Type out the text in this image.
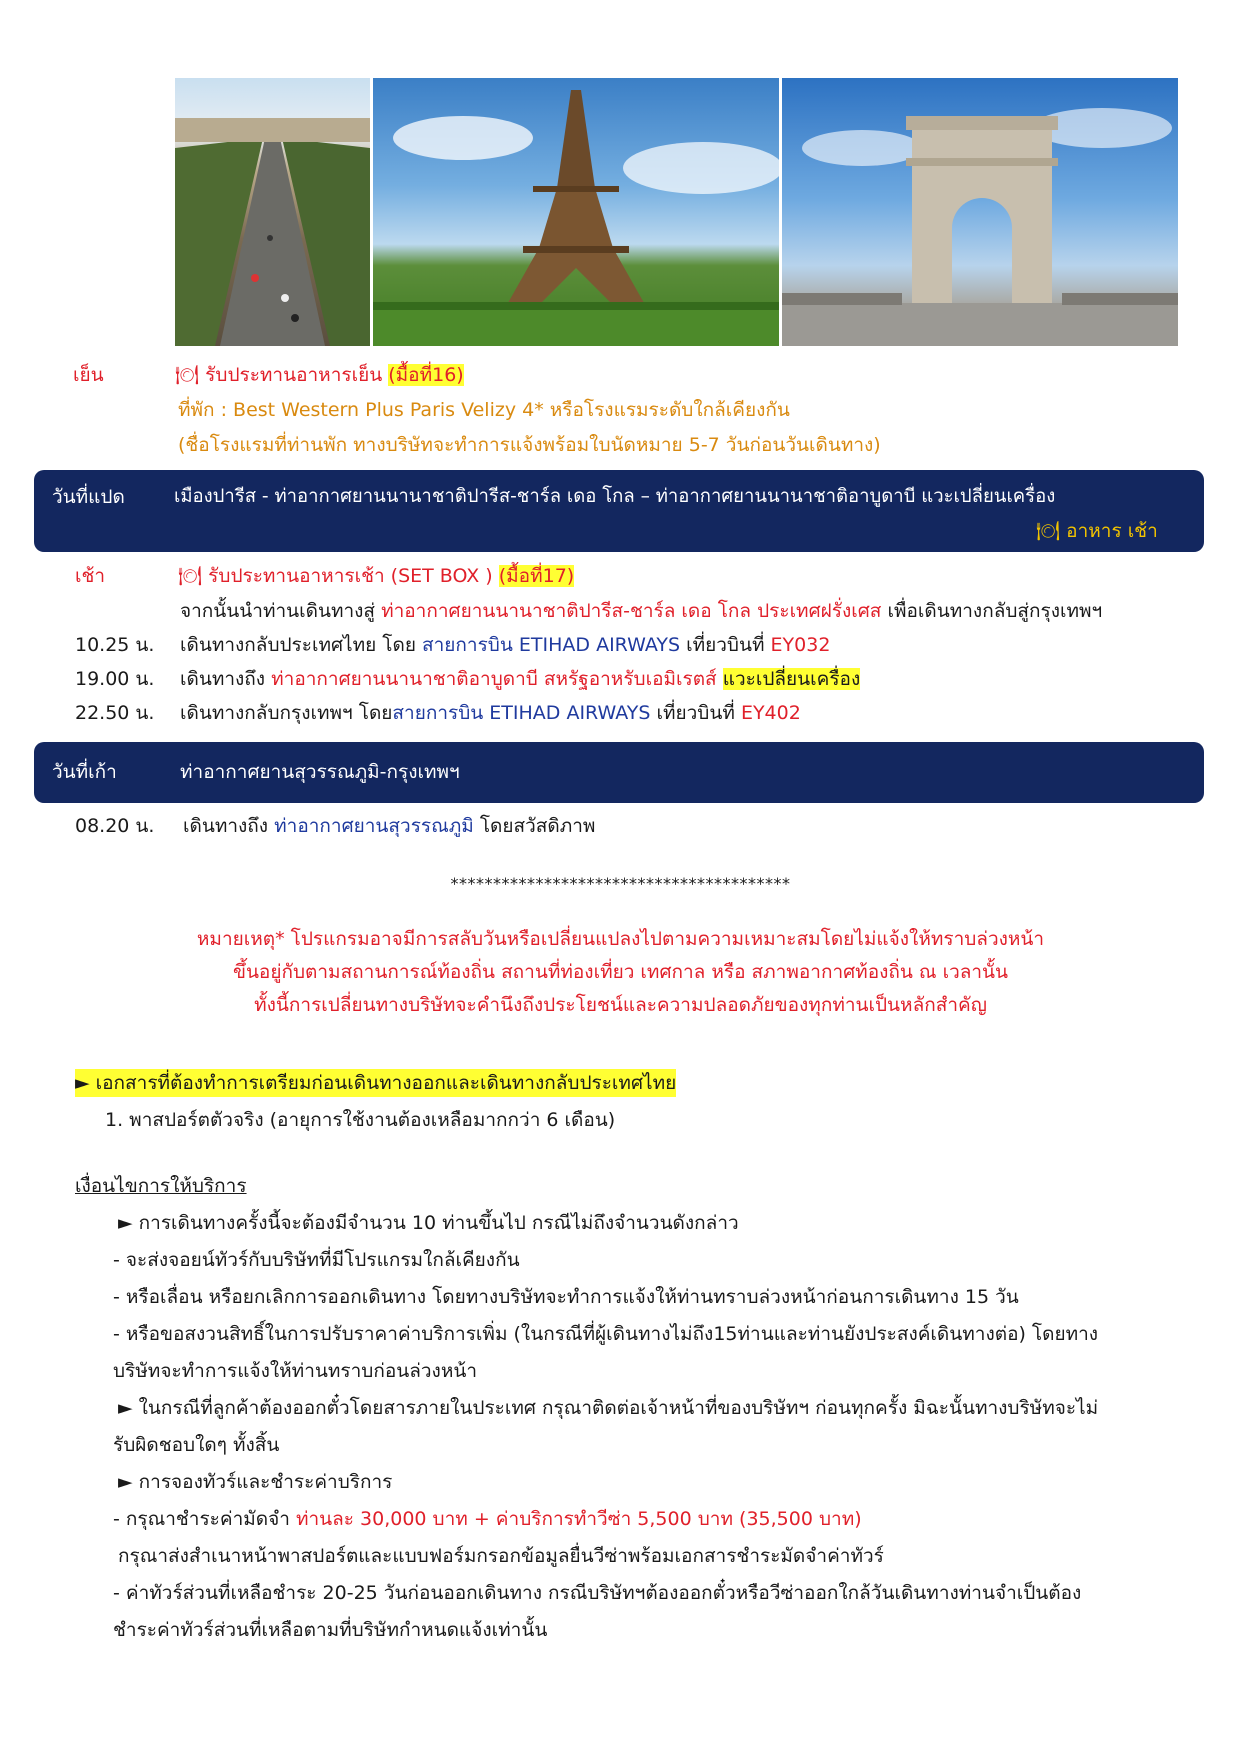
เย็น	🍽 รับประทานอาหารเย็น (มื้อที่16)
ที่พัก : Best Western Plus Paris Velizy 4* หรือโรงแรมระดับใกล้เคียงกัน
(ชื่อโรงแรมที่ท่านพัก ทางบริษัทจะทำการแจ้งพร้อมใบนัดหมาย 5-7 วันก่อนวันเดินทาง)
วันที่แปด	เมืองปารีส - ท่าอากาศยานนานาชาติปารีส-ชาร์ล เดอ โกล – ท่าอากาศยานนานาชาติอาบูดาบี แวะเปลี่ยนเครื่อง
🍽 อาหาร เช้า
เช้า	🍽 รับประทานอาหารเช้า (SET BOX ) (มื้อที่17)
จากนั้นนำท่านเดินทางสู่ ท่าอากาศยานนานาชาติปารีส-ชาร์ล เดอ โกล ประเทศฝรั่งเศส เพื่อเดินทางกลับสู่กรุงเทพฯ
10.25 น. เดินทางกลับประเทศไทย โดย สายการบิน ETIHAD AIRWAYS เที่ยวบินที่ EY032
19.00 น. เดินทางถึง ท่าอากาศยานนานาชาติอาบูดาบี สหรัฐอาหรับเอมิเรตส์ แวะเปลี่ยนเครื่อง
22.50 น. เดินทางกลับกรุงเทพฯ โดยสายการบิน ETIHAD AIRWAYS เที่ยวบินที่ EY402
วันที่เก้า	ท่าอากาศยานสุวรรณภูมิ-กรุงเทพฯ
08.20 น. เดินทางถึง ท่าอากาศยานสุวรรณภูมิ โดยสวัสดิภาพ
****************************************
หมายเหตุ* โปรแกรมอาจมีการสลับวันหรือเปลี่ยนแปลงไปตามความเหมาะสมโดยไม่แจ้งให้ทราบล่วงหน้า
ขึ้นอยู่กับตามสถานการณ์ท้องถิ่น สถานที่ท่องเที่ยว เทศกาล หรือ สภาพอากาศท้องถิ่น ณ เวลานั้น
ทั้งนี้การเปลี่ยนทางบริษัทจะคำนึงถึงประโยชน์และความปลอดภัยของทุกท่านเป็นหลักสำคัญ
► เอกสารที่ต้องทำการเตรียมก่อนเดินทางออกและเดินทางกลับประเทศไทย
1. พาสปอร์ตตัวจริง (อายุการใช้งานต้องเหลือมากกว่า 6 เดือน)
เงื่อนไขการให้บริการ
► การเดินทางครั้งนี้จะต้องมีจำนวน 10 ท่านขึ้นไป กรณีไม่ถึงจำนวนดังกล่าว
- จะส่งจอยน์ทัวร์กับบริษัทที่มีโปรแกรมใกล้เคียงกัน
- หรือเลื่อน หรือยกเลิกการออกเดินทาง โดยทางบริษัทจะทำการแจ้งให้ท่านทราบล่วงหน้าก่อนการเดินทาง 15 วัน
- หรือขอสงวนสิทธิ์ในการปรับราคาค่าบริการเพิ่ม (ในกรณีที่ผู้เดินทางไม่ถึง15ท่านและท่านยังประสงค์เดินทางต่อ) โดยทาง
บริษัทจะทำการแจ้งให้ท่านทราบก่อนล่วงหน้า
► ในกรณีที่ลูกค้าต้องออกตั๋วโดยสารภายในประเทศ กรุณาติดต่อเจ้าหน้าที่ของบริษัทฯ ก่อนทุกครั้ง มิฉะนั้นทางบริษัทจะไม่
รับผิดชอบใดๆ ทั้งสิ้น
► การจองทัวร์และชำระค่าบริการ
- กรุณาชำระค่ามัดจำ ท่านละ 30,000 บาท + ค่าบริการทำวีซ่า 5,500 บาท (35,500 บาท)
กรุณาส่งสำเนาหน้าพาสปอร์ตและแบบฟอร์มกรอกข้อมูลยื่นวีซ่าพร้อมเอกสารชำระมัดจำค่าทัวร์
- ค่าทัวร์ส่วนที่เหลือชำระ 20-25 วันก่อนออกเดินทาง กรณีบริษัทฯต้องออกตั๋วหรือวีซ่าออกใกล้วันเดินทางท่านจำเป็นต้อง
ชำระค่าทัวร์ส่วนที่เหลือตามที่บริษัทกำหนดแจ้งเท่านั้น
